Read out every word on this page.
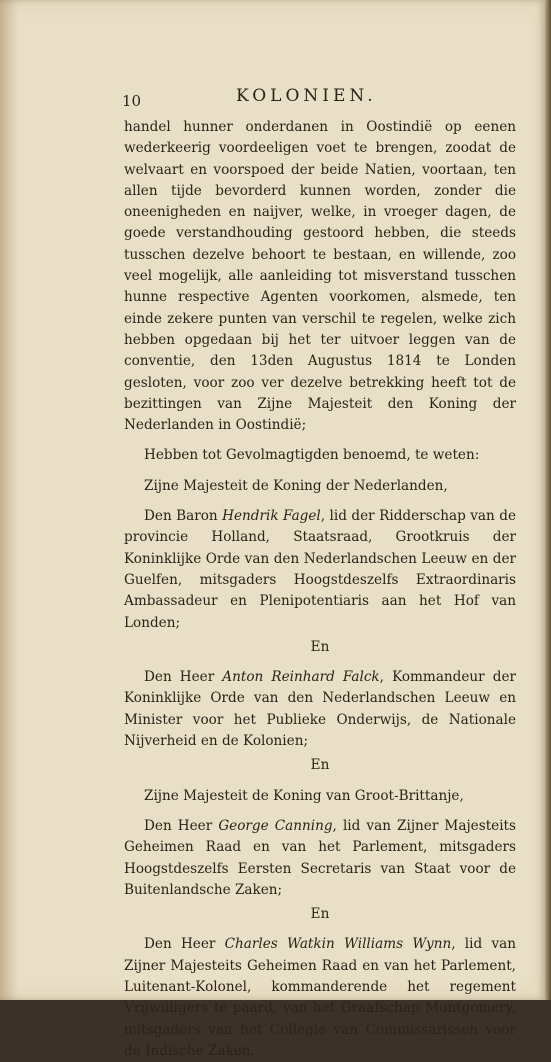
10	KOLONIEN.

handel hunner onderdanen in Oostindië op eenen wederkeerig voordeeligen voet te brengen, zoodat de welvaart en voorspoed der beide Natien, voortaan, ten allen tijde bevorderd kunnen worden, zonder die oneenigheden en naijver, welke, in vroeger dagen, de goede verstandhouding gestoord hebben, die steeds tusschen dezelve behoort te bestaan, en willende, zoo veel mogelijk, alle aanleiding tot misverstand tusschen hunne respective Agenten voorkomen, alsmede, ten einde zekere punten van verschil te regelen, welke zich hebben opgedaan bij het ter uitvoer leggen van de conventie, den 13den Augustus 1814 te Londen gesloten, voor zoo ver dezelve betrekking heeft tot de bezittingen van Zijne Majesteit den Koning der Nederlanden in Oostindië;

Hebben tot Gevolmagtigden benoemd, te weten:

Zijne Majesteit de Koning der Nederlanden,

Den Baron Hendrik Fagel, lid der Ridderschap van de provincie Holland, Staatsraad, Grootkruis der Koninklijke Orde van den Nederlandschen Leeuw en der Guelfen, mitsgaders Hoogstdeszelfs Extraordinaris Ambassadeur en Plenipotentiaris aan het Hof van Londen;

En

Den Heer Anton Reinhard Falck, Kommandeur der Koninklijke Orde van den Nederlandschen Leeuw en Minister voor het Publieke Onderwijs, de Nationale Nijverheid en de Kolonien;

En

Zijne Majesteit de Koning van Groot-Brittanje,

Den Heer George Canning, lid van Zijner Majesteits Geheimen Raad en van het Parlement, mitsgaders Hoogstdeszelfs Eersten Secretaris van Staat voor de Buitenlandsche Zaken;

En

Den Heer Charles Watkin Williams Wynn, lid van Zijner Majesteits Geheimen Raad en van het Parlement, Luitenant-Kolonel, kommanderende het regement Vrijwilligers te paard, van het Graafschap Montgomery, mitsgaders van het Collegie van Commissarissen voor de Indische Zaken.
